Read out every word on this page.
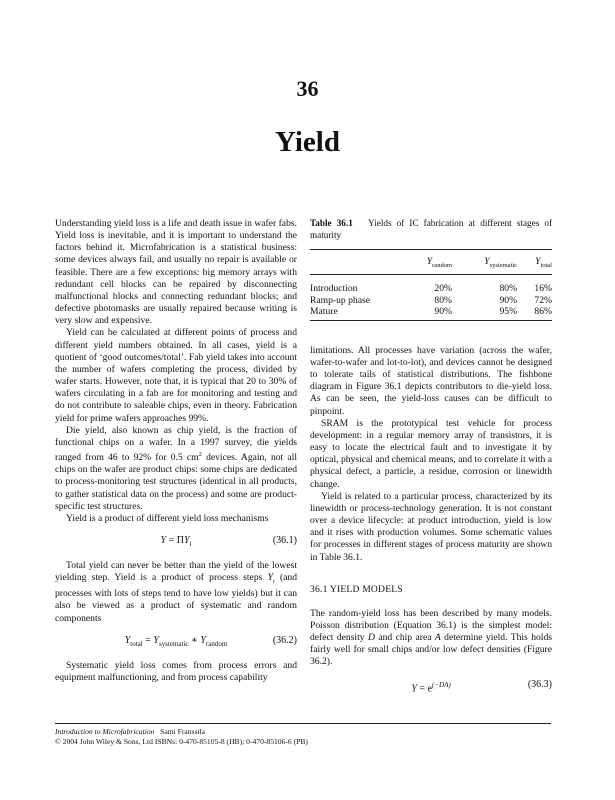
36
Yield

Understanding yield loss is a life and death issue in wafer fabs. Yield loss is inevitable, and it is important to understand the factors behind it. Microfabrication is a statistical business: some devices always fail, and usually no repair is available or feasible. There are a few exceptions: big memory arrays with redundant cell blocks can be repaired by disconnecting malfunctional blocks and connecting redundant blocks; and defective photomasks are usually repaired because writing is very slow and expensive.

Yield can be calculated at different points of process and different yield numbers obtained. In all cases, yield is a quotient of ‘good outcomes/total’. Fab yield takes into account the number of wafers completing the process, divided by wafer starts. However, note that, it is typical that 20 to 30% of wafers circulating in a fab are for monitoring and testing and do not contribute to saleable chips, even in theory. Fabrication yield for prime wafers approaches 99%.

Die yield, also known as chip yield, is the fraction of functional chips on a wafer. In a 1997 survey, die yields ranged from 46 to 92% for 0.5 $cm^2$ devices. Again, not all chips on the wafer are product chips: some chips are dedicated to process-monitoring test structures (identical in all products, to gather statistical data on the process) and some are product-specific test structures.

Yield is a product of different yield loss mechanisms

$Y = \Pi Y_i$	(36.1)

Total yield can never be better than the yield of the lowest yielding step. Yield is a product of process steps $Y_i$ (and processes with lots of steps tend to have low yields) but it can also be viewed as a product of systematic and random components

$Y_{total} = Y_{systematic}$ ∗ $Y_{random}$	(36.2)

Systematic yield loss comes from process errors and equipment malfunctioning, and from process capability

Table 36.1 Yields of IC fabrication at different stages of maturity

	$Y_{random}$	$Y_{systematic}$	$Y_{total}$
Introduction	20%	80%	16%
Ramp-up phase	80%	90%	72%
Mature	90%	95%	86%

limitations. All processes have variation (across the wafer, wafer-to-wafer and lot-to-lot), and devices cannot be designed to tolerate tails of statistical distributions. The fishbone diagram in Figure 36.1 depicts contributors to die-yield loss. As can be seen, the yield-loss causes can be difficult to pinpoint.

SRAM is the prototypical test vehicle for process development: in a regular memory array of transistors, it is easy to locate the electrical fault and to investigate it by optical, physical and chemical means, and to correlate it with a physical defect, a particle, a residue, corrosion or linewidth change.

Yield is related to a particular process, characterized by its linewidth or process-technology generation. It is not constant over a device lifecycle: at product introduction, yield is low and it rises with production volumes. Some schematic values for processes in different stages of process maturity are shown in Table 36.1.

36.1 YIELD MODELS

The random-yield loss has been described by many models. Poisson distribution (Equation 36.1) is the simplest model: defect density D and chip area A determine yield. This holds fairly well for small chips and/or low defect densities (Figure 36.2).

$Y = e^{(-DA)}$	(36.3)
Introduction to Microfabrication Sami Franssila
© 2004 John Wiley & Sons, Ltd ISBNs: 0-470-85105-8 (HB); 0-470-85106-6 (PB)
